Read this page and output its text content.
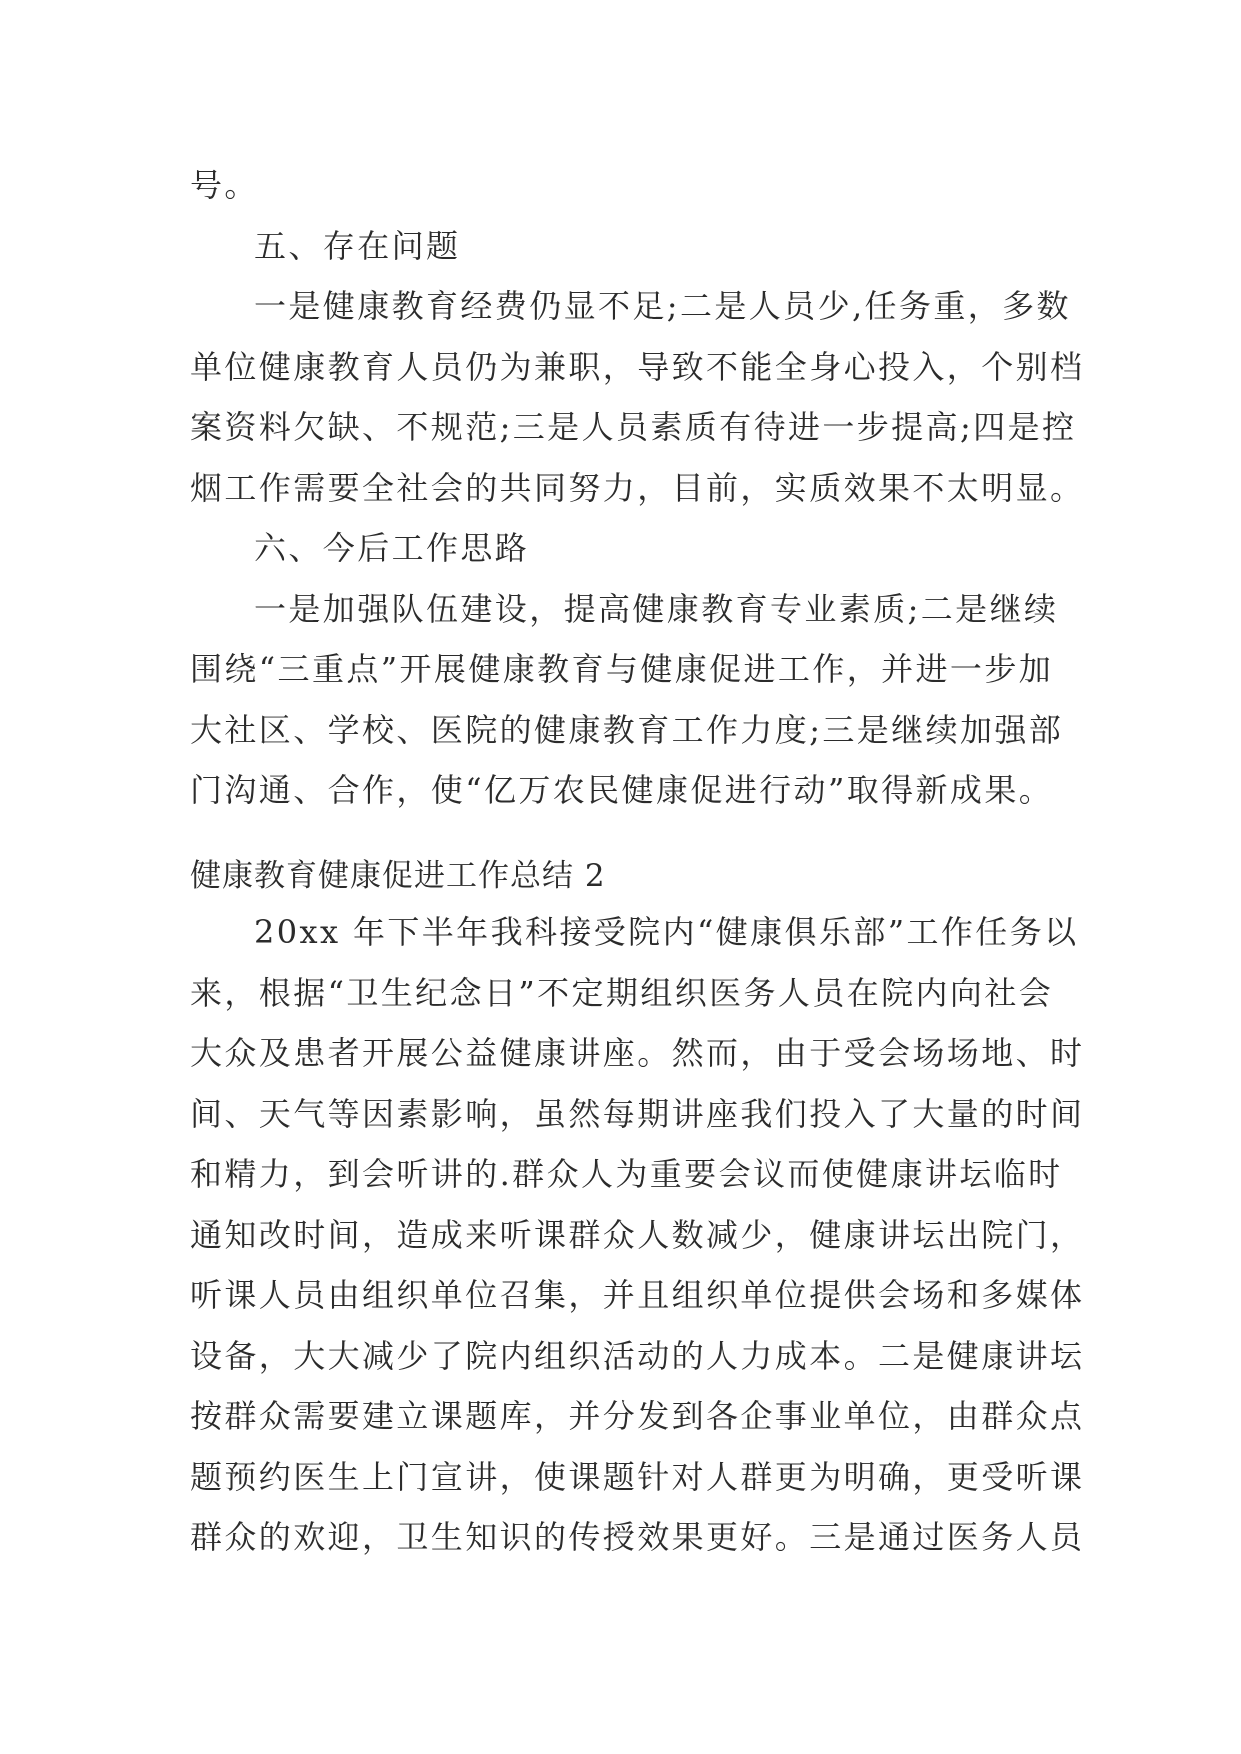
号。
五、存在问题
一是健康教育经费仍显不足;二是人员少,任务重，多数
单位健康教育人员仍为兼职，导致不能全身心投入，个别档
案资料欠缺、不规范;三是人员素质有待进一步提高;四是控
烟工作需要全社会的共同努力，目前，实质效果不太明显。
六、今后工作思路
一是加强队伍建设，提高健康教育专业素质;二是继续
围绕“三重点”开展健康教育与健康促进工作，并进一步加
大社区、学校、医院的健康教育工作力度;三是继续加强部
门沟通、合作，使“亿万农民健康促进行动”取得新成果。
健康教育健康促进工作总结 2
20xx 年下半年我科接受院内“健康俱乐部”工作任务以
来，根据“卫生纪念日”不定期组织医务人员在院内向社会
大众及患者开展公益健康讲座。然而，由于受会场场地、时
间、天气等因素影响，虽然每期讲座我们投入了大量的时间
和精力，到会听讲的.群众人为重要会议而使健康讲坛临时
通知改时间，造成来听课群众人数减少，健康讲坛出院门，
听课人员由组织单位召集，并且组织单位提供会场和多媒体
设备，大大减少了院内组织活动的人力成本。二是健康讲坛
按群众需要建立课题库，并分发到各企事业单位，由群众点
题预约医生上门宣讲，使课题针对人群更为明确，更受听课
群众的欢迎，卫生知识的传授效果更好。三是通过医务人员
